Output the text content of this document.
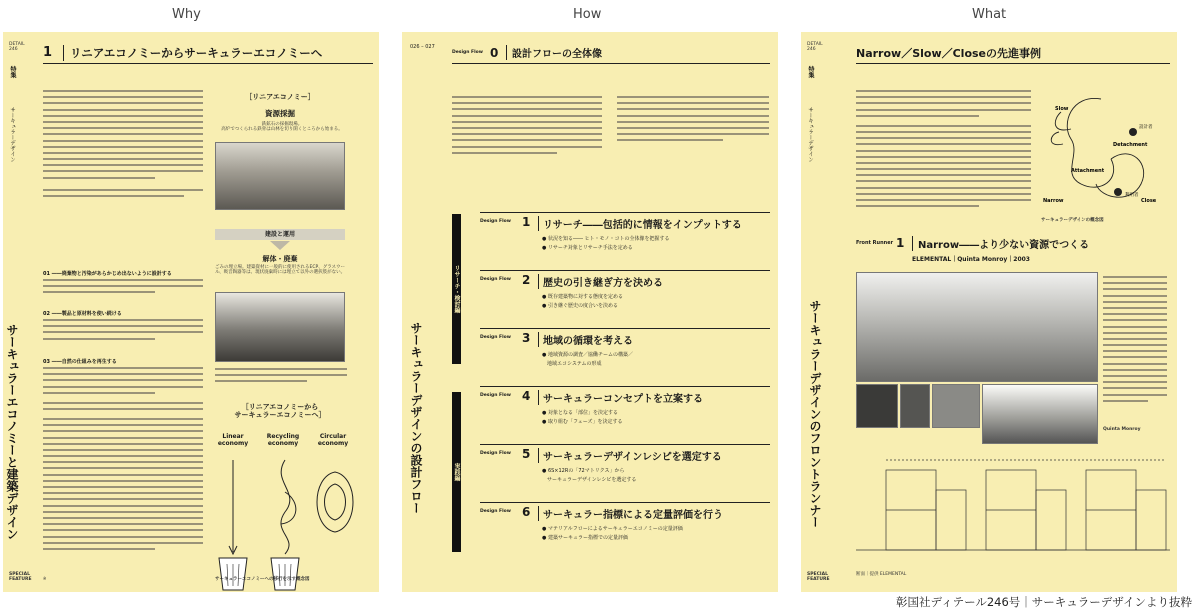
Why	How	What
DETAIL 246
特集
サーキュラーデザイン
1	リニアエコノミーからサーキュラーエコノミーへ
サーキュラーエコノミーと建築デザイン
01 ――廃棄物と汚染があらかじめ出ないように設計する
02 ――製品と原材料を使い続ける
03 ――自然の仕組みを再生する
※
［リニアエコノミー］
資源採掘
鉄鉱石の採掘現場。
高炉でつくられる鉄骨は山林を切り開くところから始まる。
建設と運用
解体・廃棄
ごみの埋立場。建築資材に一般的に使用されるECP、グラスウール、吸音陶器等は、現状廃棄時には埋立て以外の選択肢がない。
［リニアエコノミーから
サーキュラーエコノミーへ］
Linear
economy
Recycling
economy
Circular
economy
サーキュラーエコノミーへの移行を示す概念図
SPECIAL FEATURE
026 – 027
Design Flow 0	設計フローの全体像
サーキュラーデザインの設計フロー
リサーチ・検討編
実践編
Design Flow 1	リサーチ――包括的に情報をインプットする
● 状況を知る―― ヒト・モノ・コトの全体像を把握する
● リサーチ対象とリサーチ手法を定める
Design Flow 2	歴史の引き継ぎ方を決める
● 既存建築物に対する態度を定める
● 引き継ぐ歴史の度合いを決める
Design Flow 3	地域の循環を考える
● 地域資源の調査／協働チームの構築／
　地域エコシステムの形成
Design Flow 4	サーキュラーコンセプトを立案する
● 対象となる「部位」を決定する
● 取り組む「フェーズ」を決定する
Design Flow 5	サーキュラーデザインレシピを選定する
● 6S×12Rの「72マトリクス」から
　サーキュラーデザインレシピを選定する
Design Flow 6	サーキュラー指標による定量評価を行う
● マテリアルフローによるサーキュラーエコノミーの定量評価
● 建築サーキュラー指標での定量評価
DETAIL 246
特集
サーキュラーデザイン
Narrow／Slow／Closeの先進事例
Slow
Detachment
Attachment
Narrow	Close
設計者
利用者
サーキュラーデザインの概念図
Front Runner 1	Narrow――より少ない資源でつくる
ELEMENTAL｜Quinta Monroy｜2003
サーキュラーデザインのフロントランナー	Quinta Monroy
断面｜提供 ELEMENTAL
SPECIAL FEATURE
彰国社ディテール246号｜サーキュラーデザインより抜粋
